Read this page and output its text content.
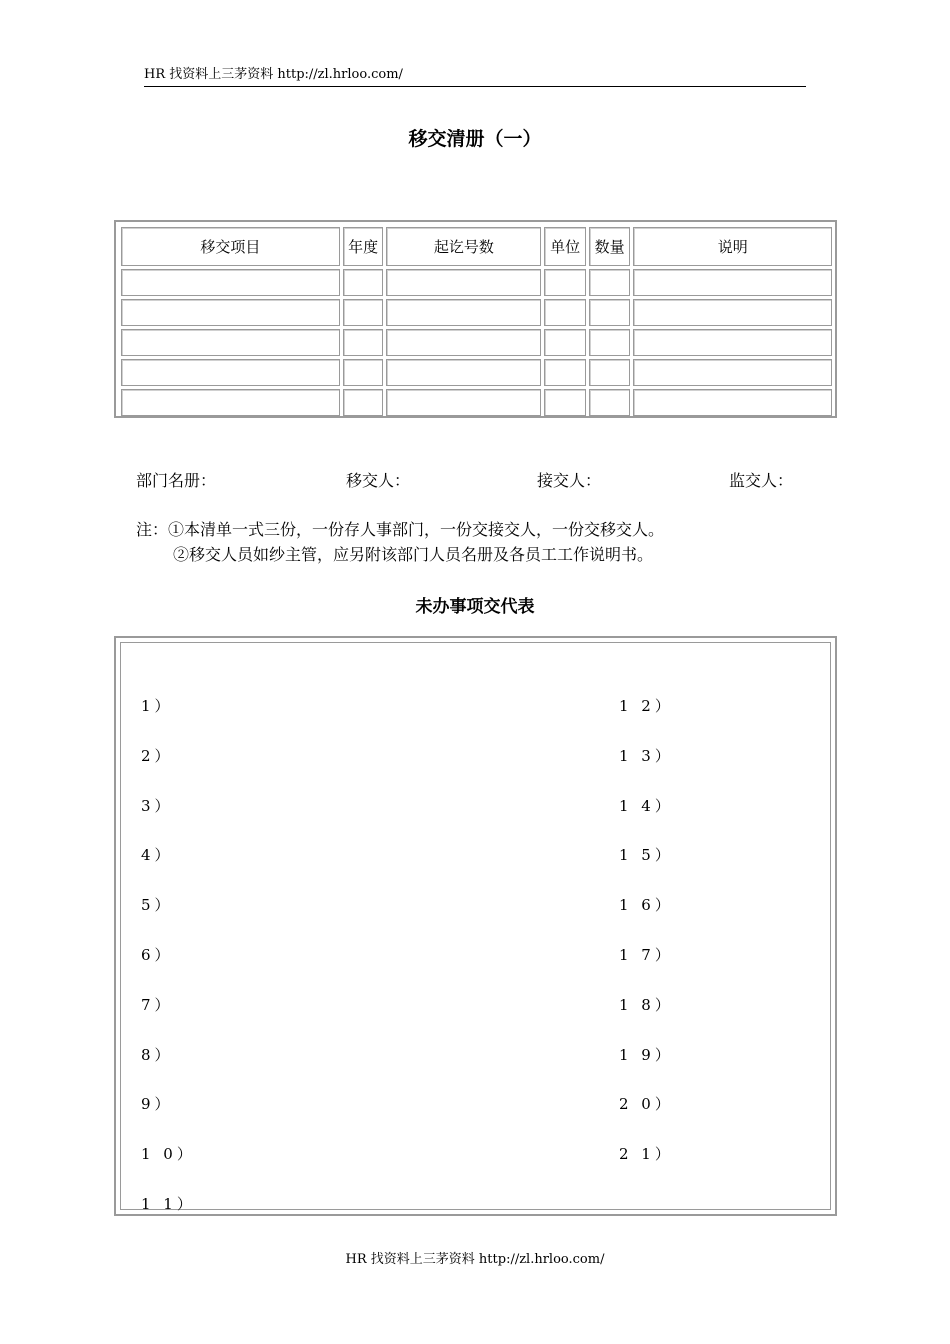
HR 找资料上三茅资料 http://zl.hrloo.com/
移交清册（一）
移交项目	年度	起讫号数	单位	数量	说明

部门名册：	移交人：	接交人：	监交人：
注：①本清单一式三份，一份存人事部门，一份交接交人，一份交移交人。
②移交人员如纱主管，应另附该部门人员名册及各员工工作说明书。
未办事项交代表
1）
2）
3）
4）
5）
6）
7）
8）
9）
1 0）
1 1）
1 2）
1 3）
1 4）
1 5）
1 6）
1 7）
1 8）
1 9）
2 0）
2 1）
HR 找资料上三茅资料 http://zl.hrloo.com/
